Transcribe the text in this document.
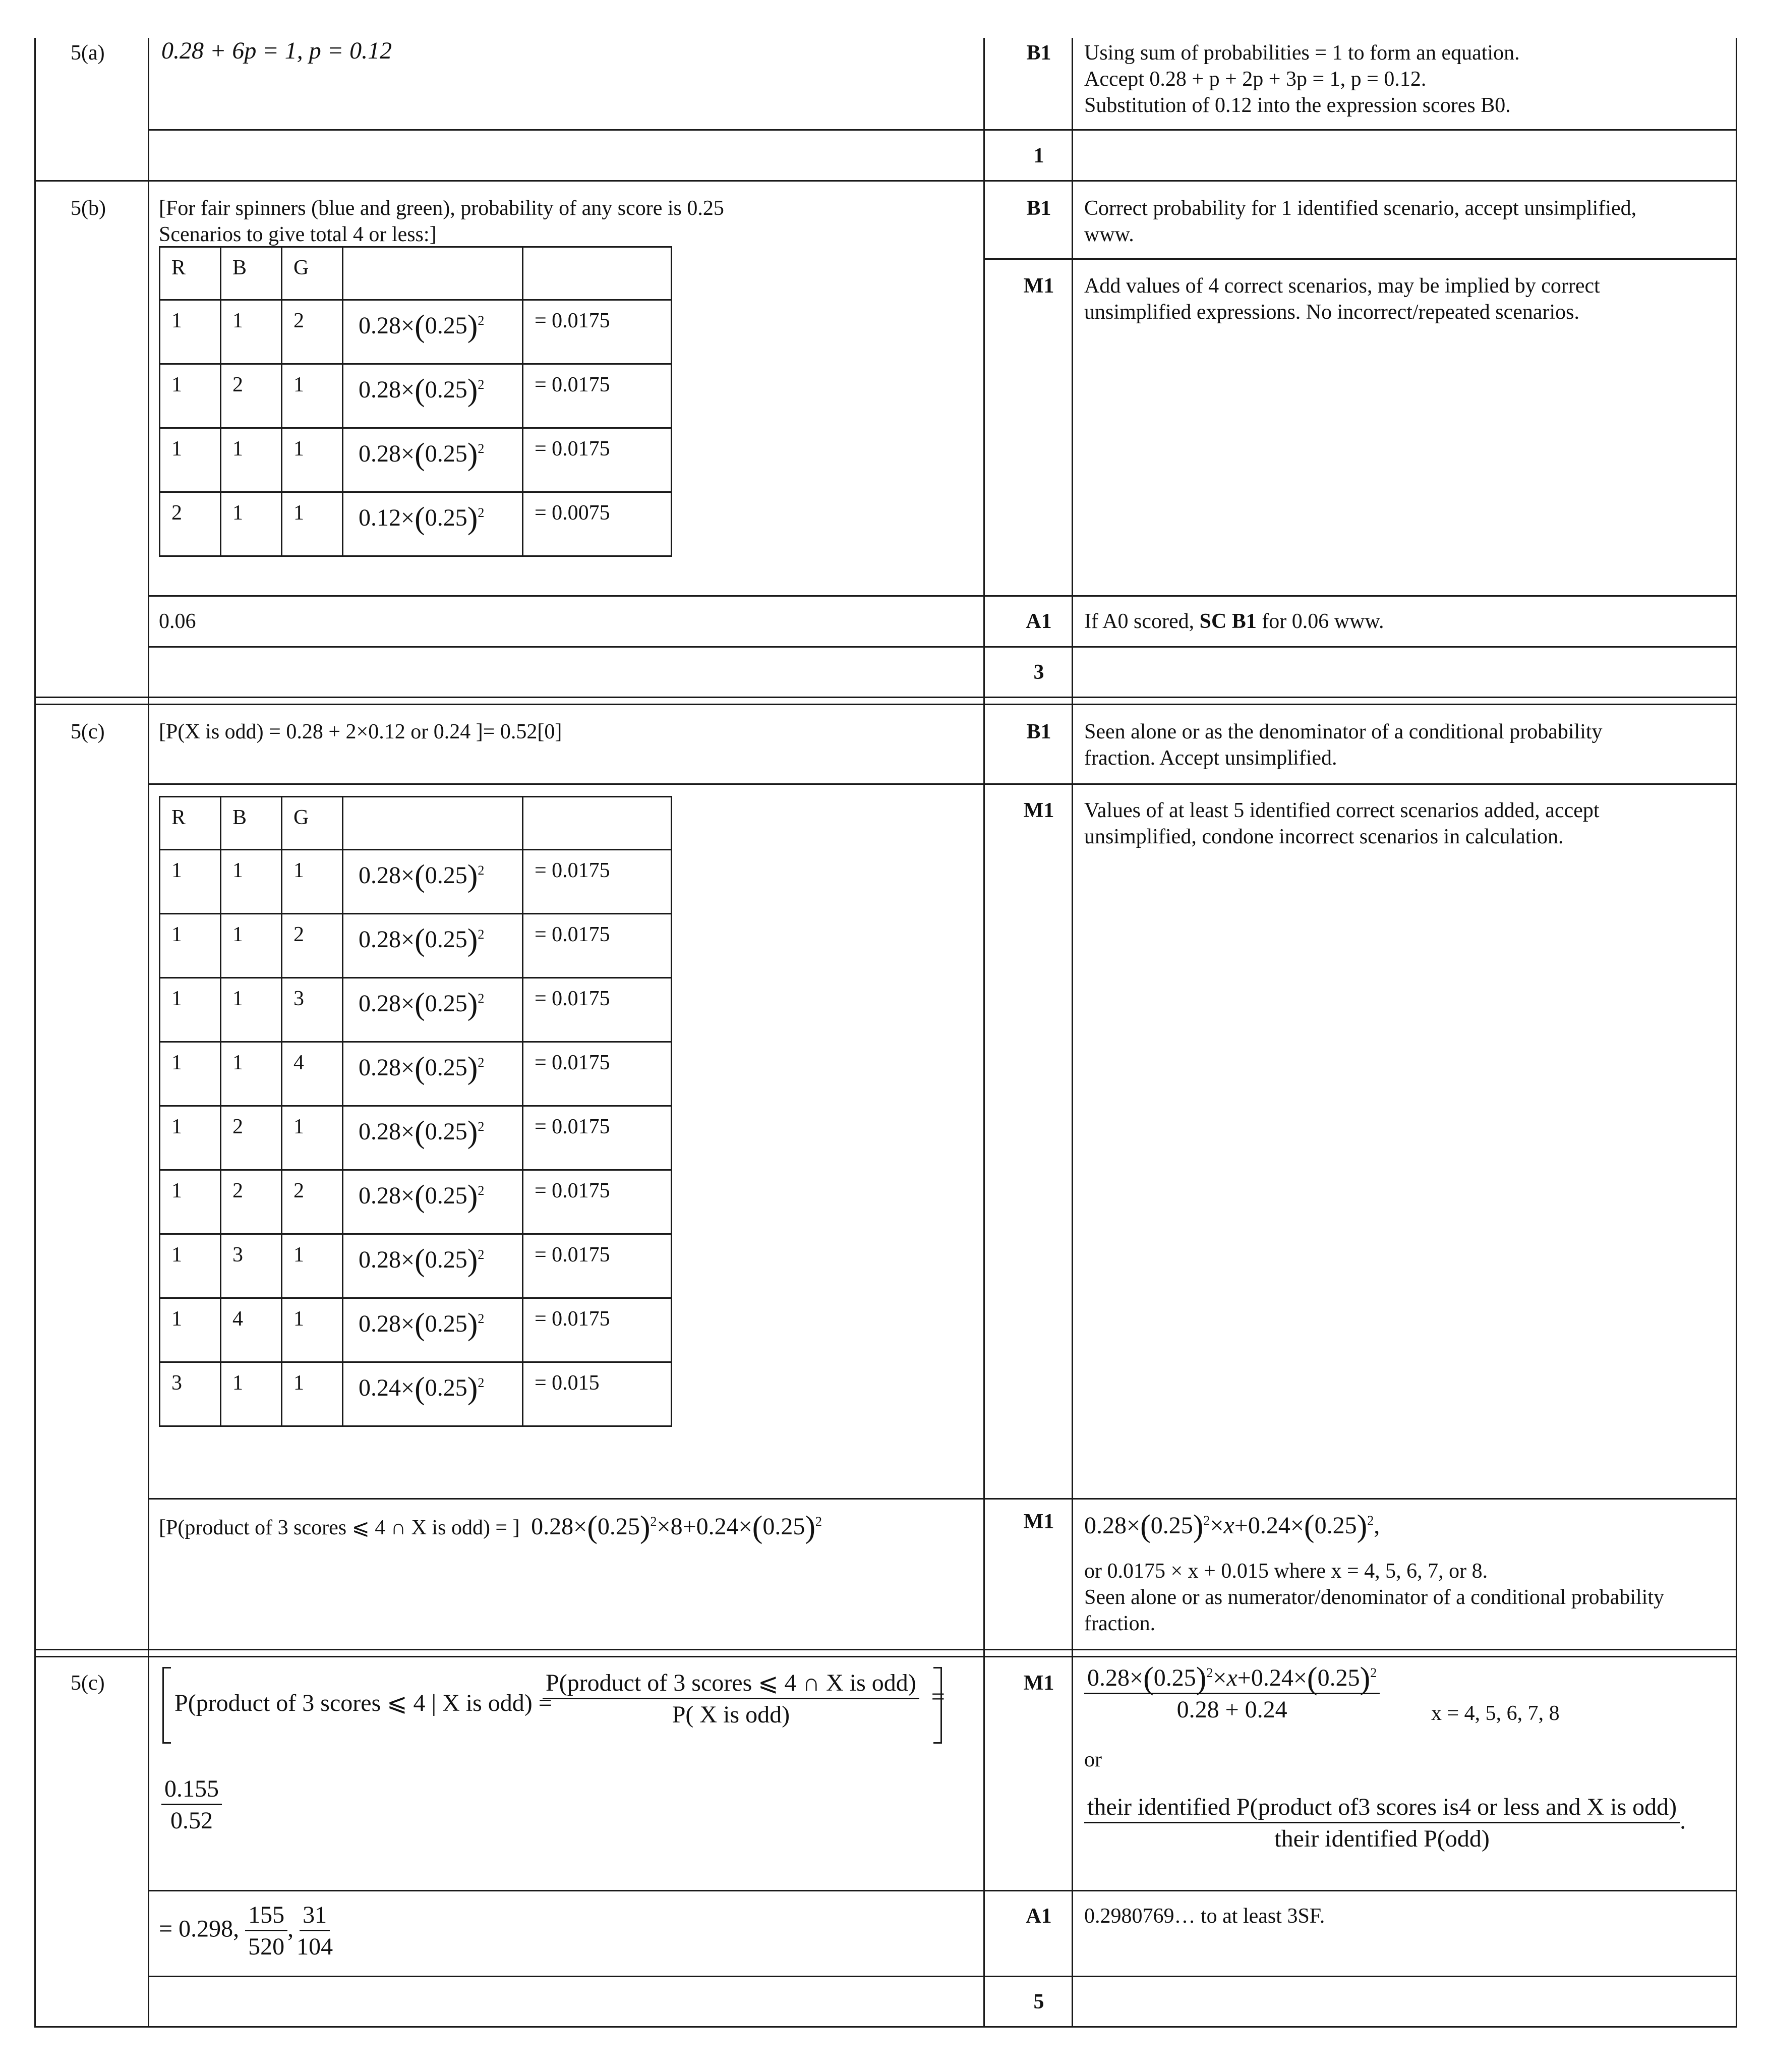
5(a) 0.28 + 6p = 1, p = 0.12	B1	Using sum of probabilities = 1 to form an equation.
Accept 0.28 + p + 2p + 3p = 1, p = 0.12.
Substitution of 0.12 into the expression scores B0.
1
5(b)	[For fair spinners (blue and green), probability of any score is 0.25
Scenarios to give total 4 or less:]
R	B	G		

1	1	2	$0.28\times(0.25)^2$	= 0.0175

1	2	1	$0.28\times(0.25)^2$	= 0.0175

1	1	1	$0.28\times(0.25)^2$	= 0.0175

2	1	1	$0.12\times(0.25)^2$	= 0.0075
B1	Correct probability for 1 identified scenario, accept unsimplified,
www.
M1	Add values of 4 correct scenarios, may be implied by correct
unsimplified expressions. No incorrect/repeated scenarios.
0.06	A1	If A0 scored, SC B1 for 0.06 www.
3
5(c)	[P(X is odd) = 0.28 + 2×0.12 or 0.24 ]= 0.52[0]	B1	Seen alone or as the denominator of a conditional probability
fraction. Accept unsimplified.
R	B	G		

1	1	1	$0.28\times(0.25)^2$	= 0.0175

1	1	2	$0.28\times(0.25)^2$	= 0.0175

1	1	3	$0.28\times(0.25)^2$	= 0.0175

1	1	4	$0.28\times(0.25)^2$	= 0.0175

1	2	1	$0.28\times(0.25)^2$	= 0.0175

1	2	2	$0.28\times(0.25)^2$	= 0.0175

1	3	1	$0.28\times(0.25)^2$	= 0.0175

1	4	1	$0.28\times(0.25)^2$	= 0.0175

3	1	1	$0.24\times(0.25)^2$	= 0.015
M1	Values of at least 5 identified correct scenarios added, accept
unsimplified, condone incorrect scenarios in calculation.
[P(product of 3 scores ⩽ 4 ∩ X is odd) = ]  $0.28\times(0.25)^2\times 8+0.24\times(0.25)^2$	M1	$0.28\times(0.25)^2\times x+0.24\times(0.25)^2$,
or 0.0175 × x + 0.015 where x = 4, 5, 6, 7, or 8.
Seen alone or as numerator/denominator of a conditional probability
fraction.
5(c)
P(product of 3 scores ⩽ 4 | X is odd) =
$\frac{\text{P(product of 3 scores ⩽ 4 ∩ X is odd)}}{\text{P( X is odd)}}$ =
$\frac{0.155}{0.52}$
M1	$\frac{0.28\times(0.25)^2\times x+0.24\times(0.25)^2}{0.28 + 0.24}$ x = 4, 5, 6, 7, 8
or
their identified P(product of3 scores is4 or less and X is odd)
their identified P(odd)
.
= 0.298, $\frac{155}{520}$ , $\frac{31}{104}$	A1	0.2980769… to at least 3SF.
5
